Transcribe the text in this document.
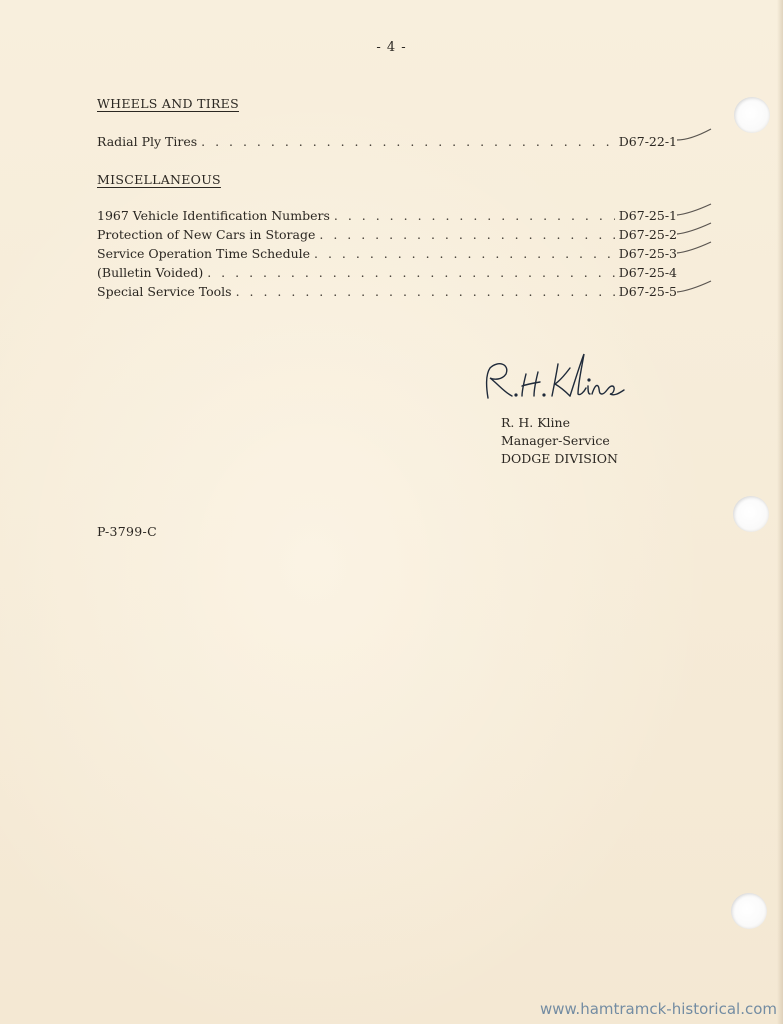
- 4 -
WHEELS AND TIRES
Radial Ply Tires . . .	D67-22-1
MISCELLANEOUS
1967 Vehicle Identification Numbers . . .	D67-25-1
Protection of New Cars in Storage . . .	D67-25-2
Service Operation Time Schedule . . .	D67-25-3
(Bulletin Voided) . . .	D67-25-4
Special Service Tools . . .	D67-25-5
R. H. Kline
Manager-Service
DODGE DIVISION
P-3799-C
www.hamtramck-historical.com
